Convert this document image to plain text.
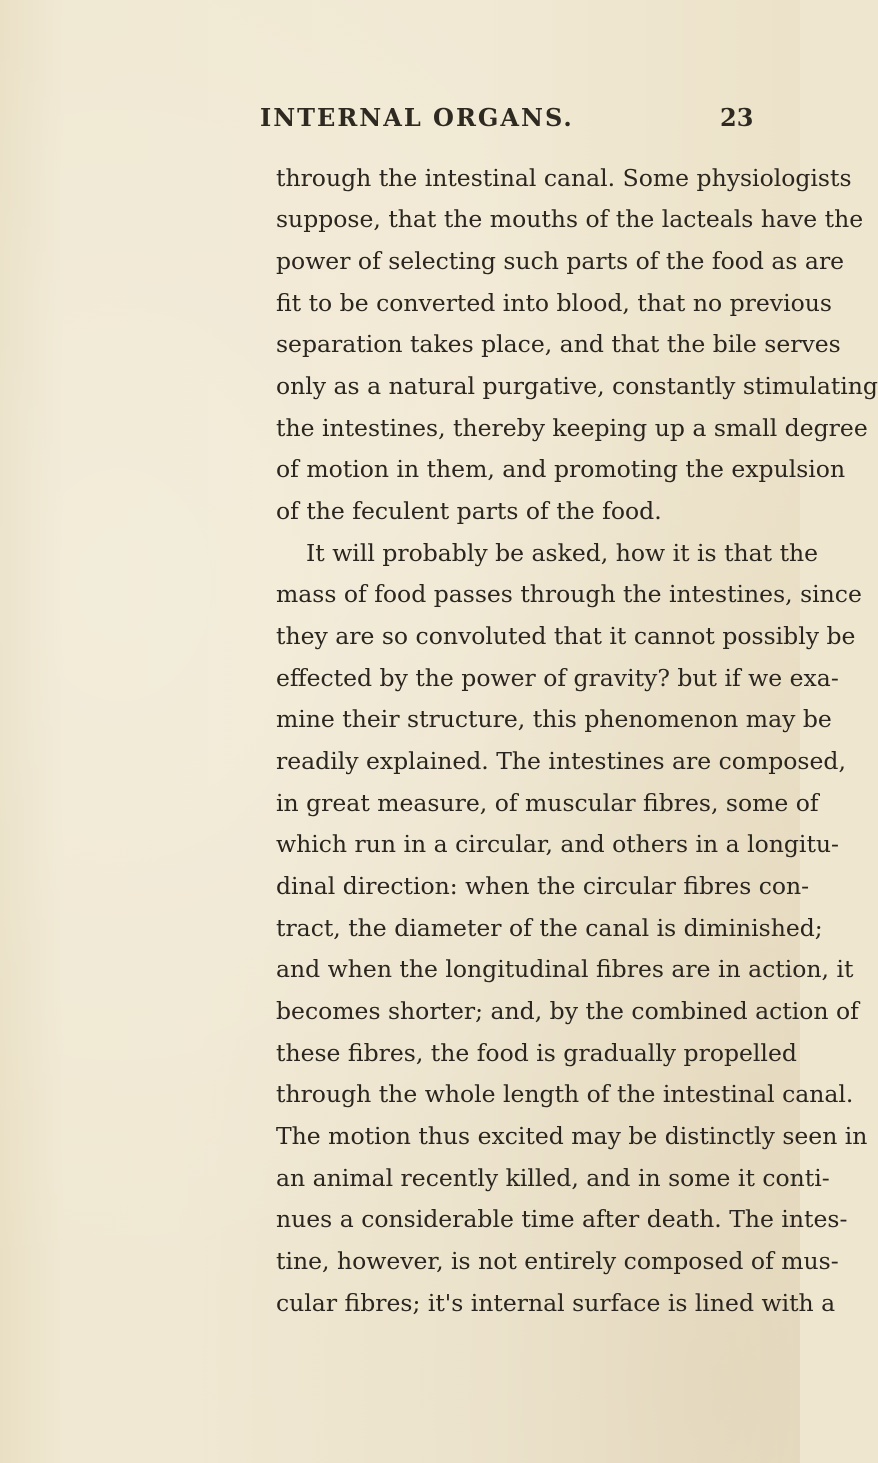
INTERNAL ORGANS.	23
through the intestinal canal. Some physiologists
suppose, that the mouths of the lacteals have the
power of selecting such parts of the food as are
fit to be converted into blood, that no previous
separation takes place, and that the bile serves
only as a natural purgative, constantly stimulating
the intestines, thereby keeping up a small degree
of motion in them, and promoting the expulsion
of the feculent parts of the food.
It will probably be asked, how it is that the
mass of food passes through the intestines, since
they are so convoluted that it cannot possibly be
effected by the power of gravity? but if we exa-
mine their structure, this phenomenon may be
readily explained. The intestines are composed,
in great measure, of muscular fibres, some of
which run in a circular, and others in a longitu-
dinal direction: when the circular fibres con-
tract, the diameter of the canal is diminished;
and when the longitudinal fibres are in action, it
becomes shorter; and, by the combined action of
these fibres, the food is gradually propelled
through the whole length of the intestinal canal.
The motion thus excited may be distinctly seen in
an animal recently killed, and in some it conti-
nues a considerable time after death. The intes-
tine, however, is not entirely composed of mus-
cular fibres; it's internal surface is lined with a
